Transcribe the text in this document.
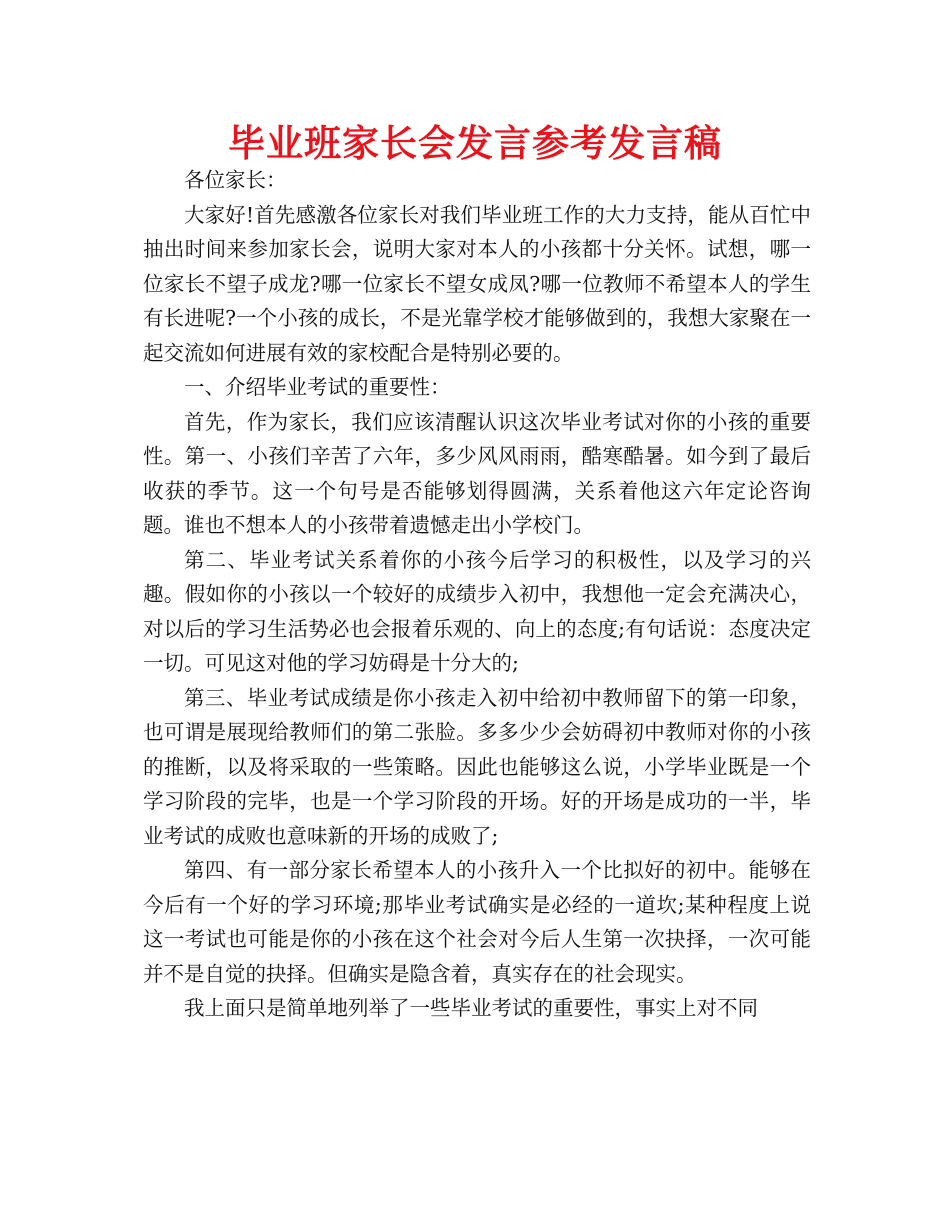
毕业班家长会发言参考发言稿

各位家长：

大家好!首先感激各位家长对我们毕业班工作的大力支持，能从百忙中抽出时间来参加家长会，说明大家对本人的小孩都十分关怀。试想，哪一位家长不望子成龙?哪一位家长不望女成凤?哪一位教师不希望本人的学生有长进呢?一个小孩的成长，不是光靠学校才能够做到的，我想大家聚在一起交流如何进展有效的家校配合是特别必要的。

一、介绍毕业考试的重要性：

首先，作为家长，我们应该清醒认识这次毕业考试对你的小孩的重要性。第一、小孩们辛苦了六年，多少风风雨雨，酷寒酷暑。如今到了最后收获的季节。这一个句号是否能够划得圆满，关系着他这六年定论咨询题。谁也不想本人的小孩带着遗憾走出小学校门。

第二、毕业考试关系着你的小孩今后学习的积极性，以及学习的兴趣。假如你的小孩以一个较好的成绩步入初中，我想他一定会充满决心，对以后的学习生活势必也会报着乐观的、向上的态度;有句话说：态度决定一切。可见这对他的学习妨碍是十分大的;

第三、毕业考试成绩是你小孩走入初中给初中教师留下的第一印象，也可谓是展现给教师们的第二张脸。多多少少会妨碍初中教师对你的小孩的推断，以及将采取的一些策略。因此也能够这么说，小学毕业既是一个学习阶段的完毕，也是一个学习阶段的开场。好的开场是成功的一半，毕业考试的成败也意味新的开场的成败了;

第四、有一部分家长希望本人的小孩升入一个比拟好的初中。能够在今后有一个好的学习环境;那毕业考试确实是必经的一道坎;某种程度上说这一考试也可能是你的小孩在这个社会对今后人生第一次抉择，一次可能并不是自觉的抉择。但确实是隐含着，真实存在的社会现实。

我上面只是简单地列举了一些毕业考试的重要性，事实上对不同
